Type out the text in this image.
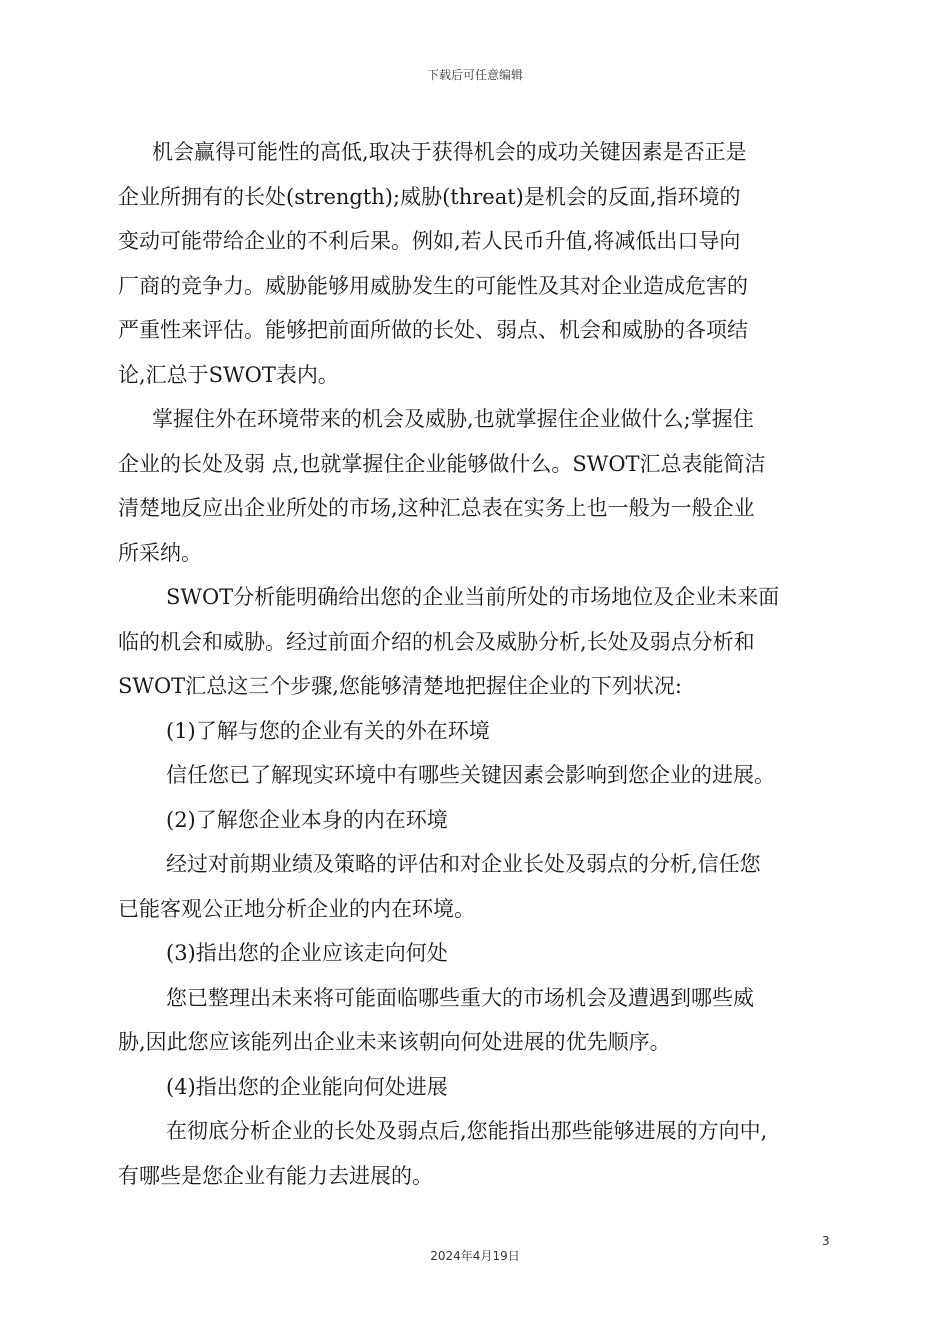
下载后可任意编辑
机会赢得可能性的高低,取决于获得机会的成功关键因素是否正是
企业所拥有的长处(strength);威胁(threat)是机会的反面,指环境的
变动可能带给企业的不利后果。例如,若人民币升值,将减低出口导向
厂商的竞争力。威胁能够用威胁发生的可能性及其对企业造成危害的
严重性来评估。能够把前面所做的长处、弱点、机会和威胁的各项结
论,汇总于SWOT表内。
掌握住外在环境带来的机会及威胁,也就掌握住企业做什么;掌握住
企业的长处及弱 点,也就掌握住企业能够做什么。SWOT汇总表能简洁
清楚地反应出企业所处的市场,这种汇总表在实务上也一般为一般企业
所采纳。
SWOT分析能明确给出您的企业当前所处的市场地位及企业未来面
临的机会和威胁。经过前面介绍的机会及威胁分析,长处及弱点分析和
SWOT汇总这三个步骤,您能够清楚地把握住企业的下列状况:
(1)了解与您的企业有关的外在环境
信任您已了解现实环境中有哪些关键因素会影响到您企业的进展。
(2)了解您企业本身的内在环境
经过对前期业绩及策略的评估和对企业长处及弱点的分析,信任您
已能客观公正地分析企业的内在环境。
(3)指出您的企业应该走向何处
您已整理出未来将可能面临哪些重大的市场机会及遭遇到哪些威
胁,因此您应该能列出企业未来该朝向何处进展的优先顺序。
(4)指出您的企业能向何处进展
在彻底分析企业的长处及弱点后,您能指出那些能够进展的方向中,
有哪些是您企业有能力去进展的。
3
2024年4月19日
